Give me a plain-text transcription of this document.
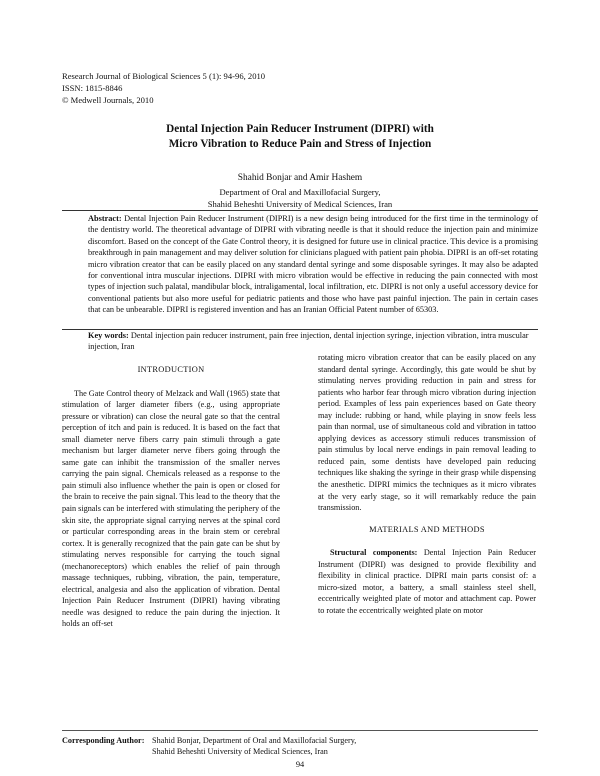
Research Journal of Biological Sciences 5 (1): 94-96, 2010
ISSN: 1815-8846
© Medwell Journals, 2010
Dental Injection Pain Reducer Instrument (DIPRI) with
Micro Vibration to Reduce Pain and Stress of Injection
Shahid Bonjar and Amir Hashem
Department of Oral and Maxillofacial Surgery,
Shahid Beheshti University of Medical Sciences, Iran
Abstract: Dental Injection Pain Reducer Instrument (DIPRI) is a new design being introduced for the first time in the terminology of the dentistry world. The theoretical advantage of DIPRI with vibrating needle is that it should reduce the injection pain and minimize discomfort. Based on the concept of the Gate Control theory, it is designed for future use in clinical practice. This device is a promising breakthrough in pain management and may deliver solution for clinicians plagued with patient pain phobia. DIPRI is an off-set rotating micro vibration creator that can be easily placed on any standard dental syringe and some disposable syringes. It may also be adapted for conventional intra muscular injections. DIPRI with micro vibration would be effective in reducing the pain connected with most types of injection such palatal, mandibular block, intraligamental, local infiltration, etc. DIPRI is not only a useful accessory device for conventional patients but also more useful for pediatric patients and those who have past painful injection. The pain in certain cases that can be unbearable. DIPRI is registered invention and has an Iranian Official Patent number of 65303.
Key words: Dental injection pain reducer instrument, pain free injection, dental injection syringe, injection vibration, intra muscular injection, Iran
INTRODUCTION

The Gate Control theory of Melzack and Wall (1965) state that stimulation of larger diameter fibers (e.g., using appropriate pressure or vibration) can close the neural gate so that the central perception of itch and pain is reduced. It is based on the fact that small diameter nerve fibers carry pain stimuli through a gate mechanism but larger diameter nerve fibers going through the same gate can inhibit the transmission of the smaller nerves carrying the pain signal. Chemicals released as a response to the pain stimuli also influence whether the pain is open or closed for the brain to receive the pain signal. This lead to the theory that the pain signals can be interfered with stimulating the periphery of the skin site, the appropriate signal carrying nerves at the spinal cord or particular corresponding areas in the brain stem or cerebral cortex. It is generally recognized that the pain gate can be shut by stimulating nerves responsible for carrying the touch signal (mechanoreceptors) which enables the relief of pain through massage techniques, rubbing, vibration, the pain, temperature, electrical, analgesia and also the application of vibration. Dental Injection Pain Reducer Instrument (DIPRI) having vibrating needle was designed to reduce the pain during the injection. It holds an off-set

rotating micro vibration creator that can be easily placed on any standard dental syringe. Accordingly, this gate would be shut by stimulating nerves providing reduction in pain and stress for patients who harbor fear through micro vibration during injection period. Examples of less pain experiences based on Gate theory may include: rubbing or hand, while playing in snow feels less pain than normal, use of simultaneous cold and vibration in tattoo applying devices as accessory stimuli reduces transmission of pain stimulus by local nerve endings in pain removal leading to reduced pain, some dentists have developed pain reducing techniques like shaking the syringe in their grasp while dispensing the anesthetic. DIPRI mimics the techniques as it micro vibrates at the very early stage, so it will remarkably reduce the pain transmission.

MATERIALS AND METHODS

Structural components: Dental Injection Pain Reducer Instrument (DIPRI) was designed to provide flexibility and flexibility in clinical practice. DIPRI main parts consist of: a micro-sized motor, a battery, a small stainless steel shell, eccentrically weighted plate of motor and attachment cap. Power to rotate the eccentrically weighted plate on motor

Corresponding Author: Shahid Bonjar, Department of Oral and Maxillofacial Surgery,
Shahid Beheshti University of Medical Sciences, Iran
94
